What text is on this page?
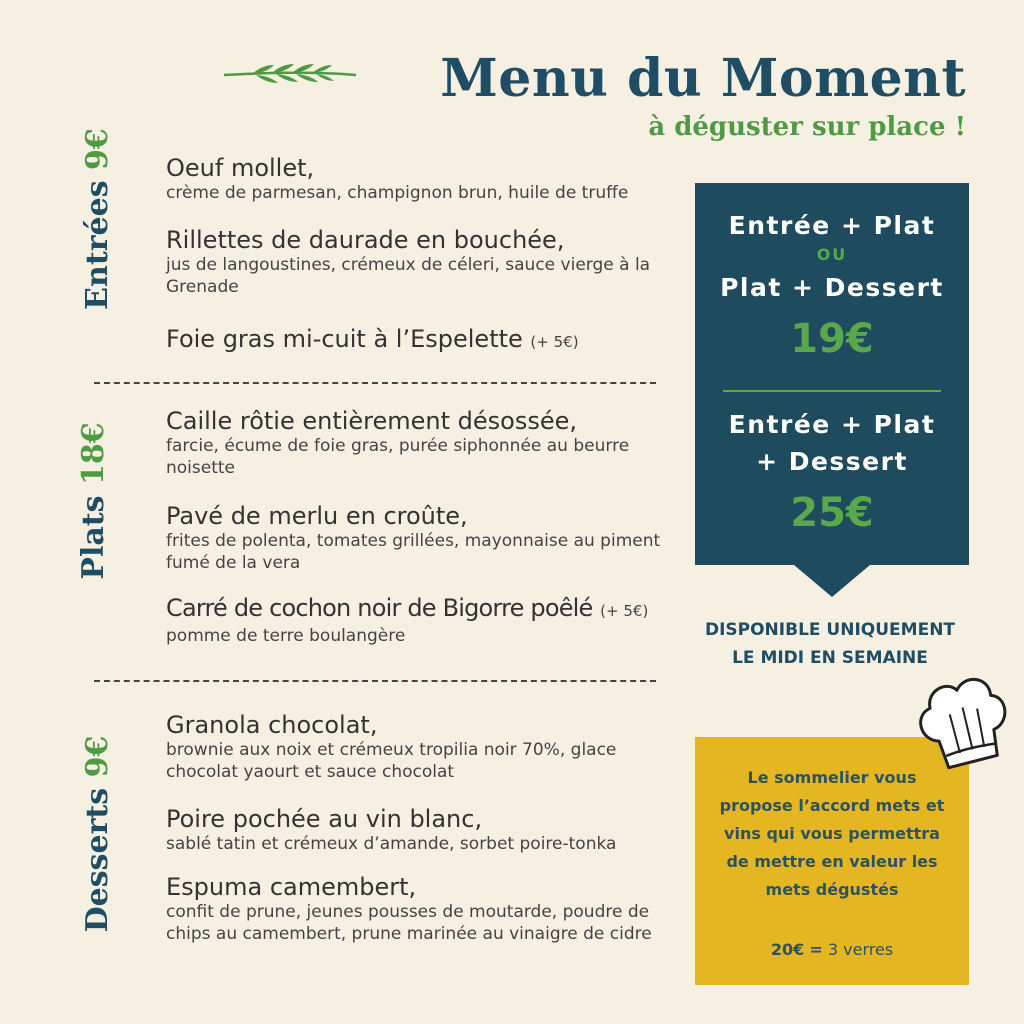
Menu du Moment
à déguster sur place !
Entrées 9€
Plats 18€
Desserts 9€
Oeuf mollet,
crème de parmesan, champignon brun, huile de truffe
Rillettes de daurade en bouchée,
jus de langoustines, crémeux de céleri, sauce vierge à la Grenade
Foie gras mi-cuit à l’Espelette (+ 5€)
Caille rôtie entièrement désossée,
farcie, écume de foie gras, purée siphonnée au beurre noisette
Pavé de merlu en croûte,
frites de polenta, tomates grillées, mayonnaise au piment fumé de la vera
Carré de cochon noir de Bigorre poêlé (+ 5€)
pomme de terre boulangère
Granola chocolat,
brownie aux noix et crémeux tropilia noir 70%, glace chocolat yaourt et sauce chocolat
Poire pochée au vin blanc,
sablé tatin et crémeux d’amande, sorbet poire-tonka
Espuma camembert,
confit de prune, jeunes pousses de moutarde, poudre de chips au camembert, prune marinée au vinaigre de cidre
Entrée + Plat
OU
Plat + Dessert
19€
Entrée + Plat
+ Dessert
25€
DISPONIBLE UNIQUEMENT
LE MIDI EN SEMAINE
Le sommelier vous propose l’accord mets et vins qui vous permettra de mettre en valeur les mets dégustés
20€ = 3 verres
